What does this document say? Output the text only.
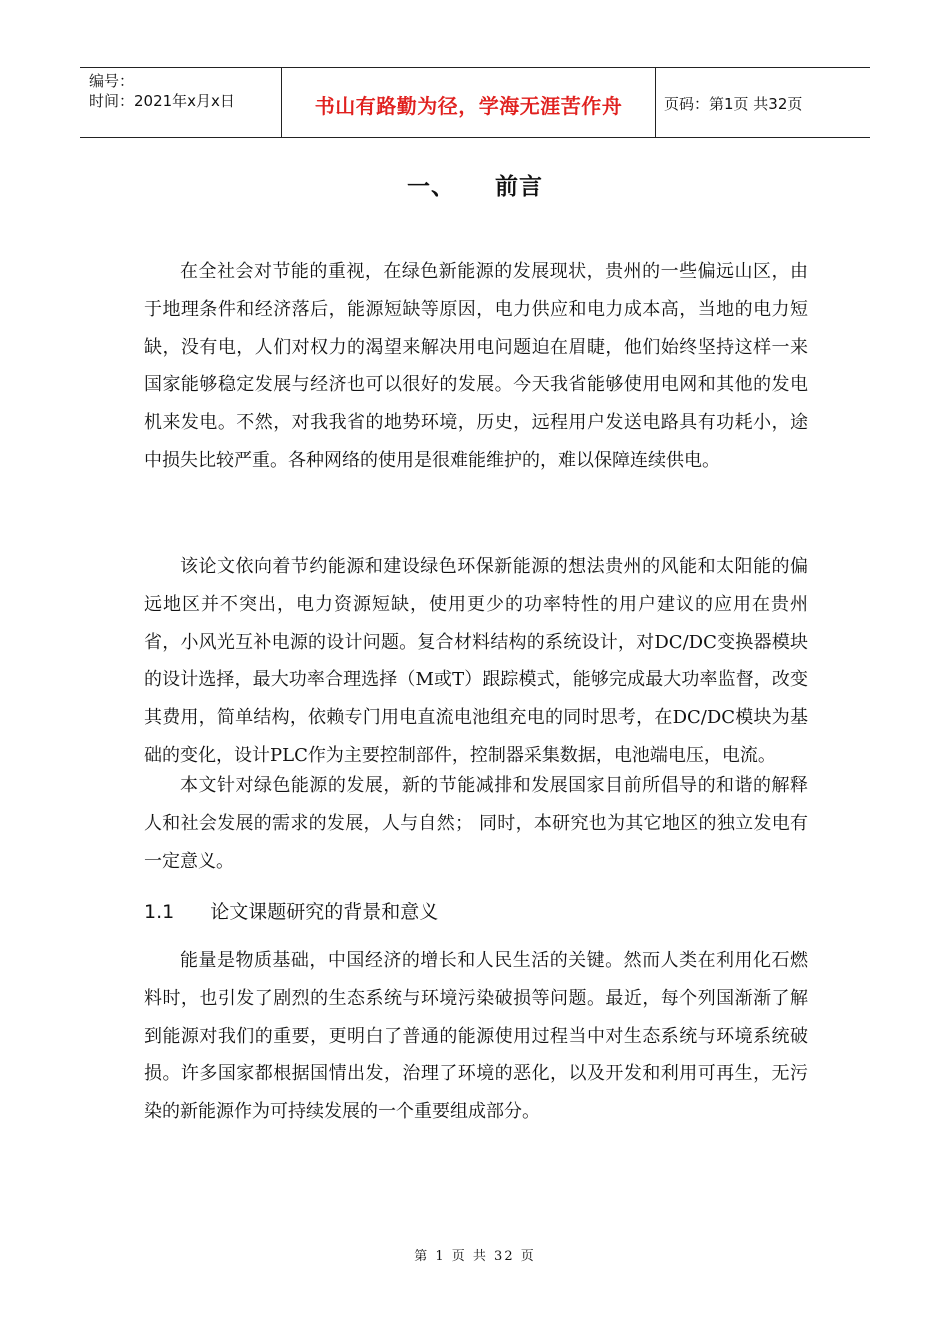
编号：
时间：2021年x月x日	书山有路勤为径，学海无涯苦作舟	页码：第1页 共32页
一、 前言

在全社会对节能的重视，在绿色新能源的发展现状，贵州的一些偏远山区，由于地理条件和经济落后，能源短缺等原因，电力供应和电力成本高，当地的电力短缺，没有电，人们对权力的渴望来解决用电问题迫在眉睫，他们始终坚持这样一来国家能够稳定发展与经济也可以很好的发展。今天我省能够使用电网和其他的发电机来发电。不然，对我我省的地势环境，历史，远程用户发送电路具有功耗小，途中损失比较严重。各种网络的使用是很难能维护的，难以保障连续供电。

该论文依向着节约能源和建设绿色环保新能源的想法贵州的风能和太阳能的偏远地区并不突出，电力资源短缺，使用更少的功率特性的用户建议的应用在贵州省，小风光互补电源的设计问题。复合材料结构的系统设计，对DC/DC变换器模块的设计选择，最大功率合理选择（M或T）跟踪模式，能够完成最大功率监督，改变其费用，简单结构，依赖专门用电直流电池组充电的同时思考，在DC/DC模块为基础的变化，设计PLC作为主要控制部件，控制器采集数据，电池端电压，电流。

本文针对绿色能源的发展，新的节能减排和发展国家目前所倡导的和谐的解释人和社会发展的需求的发展，人与自然； 同时，本研究也为其它地区的独立发电有一定意义。

1.1 论文课题研究的背景和意义

能量是物质基础，中国经济的增长和人民生活的关键。然而人类在利用化石燃料时，也引发了剧烈的生态系统与环境污染破损等问题。最近，每个列国渐渐了解到能源对我们的重要，更明白了普通的能源使用过程当中对生态系统与环境系统破损。许多国家都根据国情出发，治理了环境的恶化，以及开发和利用可再生，无污染的新能源作为可持续发展的一个重要组成部分。

第 1 页 共 32 页
